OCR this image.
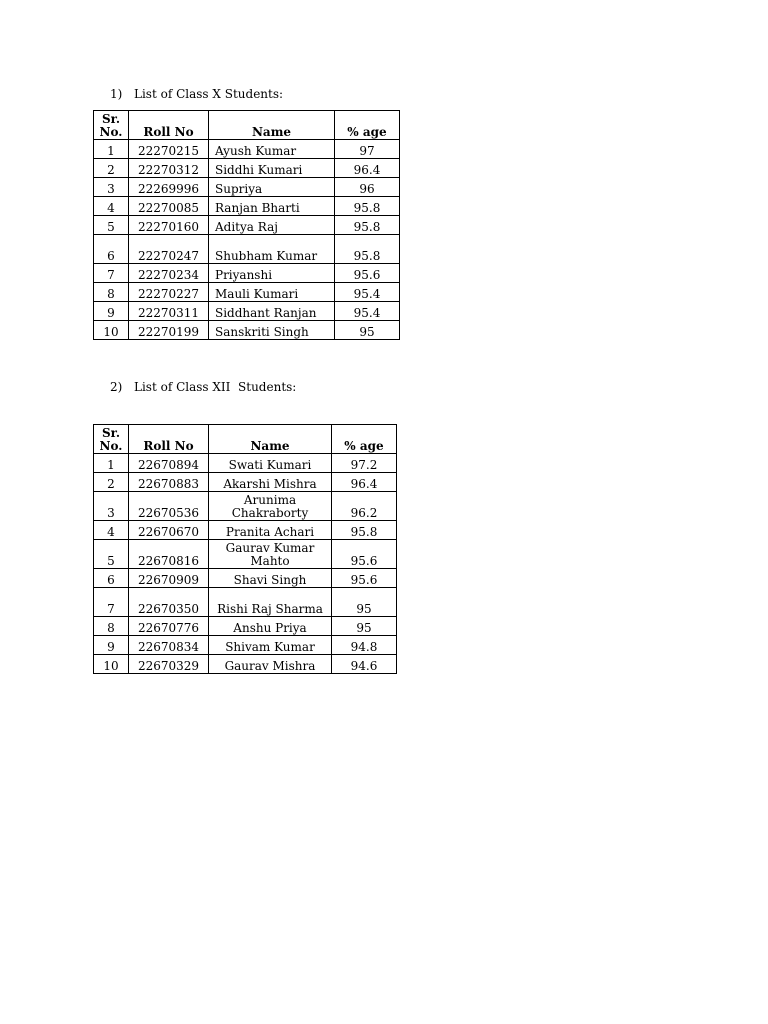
1) List of Class X Students:
Sr. No.	Roll No	Name	% age
1	22270215	Ayush Kumar	97
2	22270312	Siddhi Kumari	96.4
3	22269996	Supriya	96
4	22270085	Ranjan Bharti	95.8
5	22270160	Aditya Raj	95.8
6	22270247	Shubham Kumar	95.8
7	22270234	Priyanshi	95.6
8	22270227	Mauli Kumari	95.4
9	22270311	Siddhant Ranjan	95.4
10	22270199	Sanskriti Singh	95
2) List of Class XII  Students:
Sr. No.	Roll No	Name	% age
1	22670894	Swati Kumari	97.2
2	22670883	Akarshi Mishra	96.4
3	22670536	Arunima Chakraborty	96.2
4	22670670	Pranita Achari	95.8
5	22670816	Gaurav Kumar Mahto	95.6
6	22670909	Shavi Singh	95.6
7	22670350	Rishi Raj Sharma	95
8	22670776	Anshu Priya	95
9	22670834	Shivam Kumar	94.8
10	22670329	Gaurav Mishra	94.6
